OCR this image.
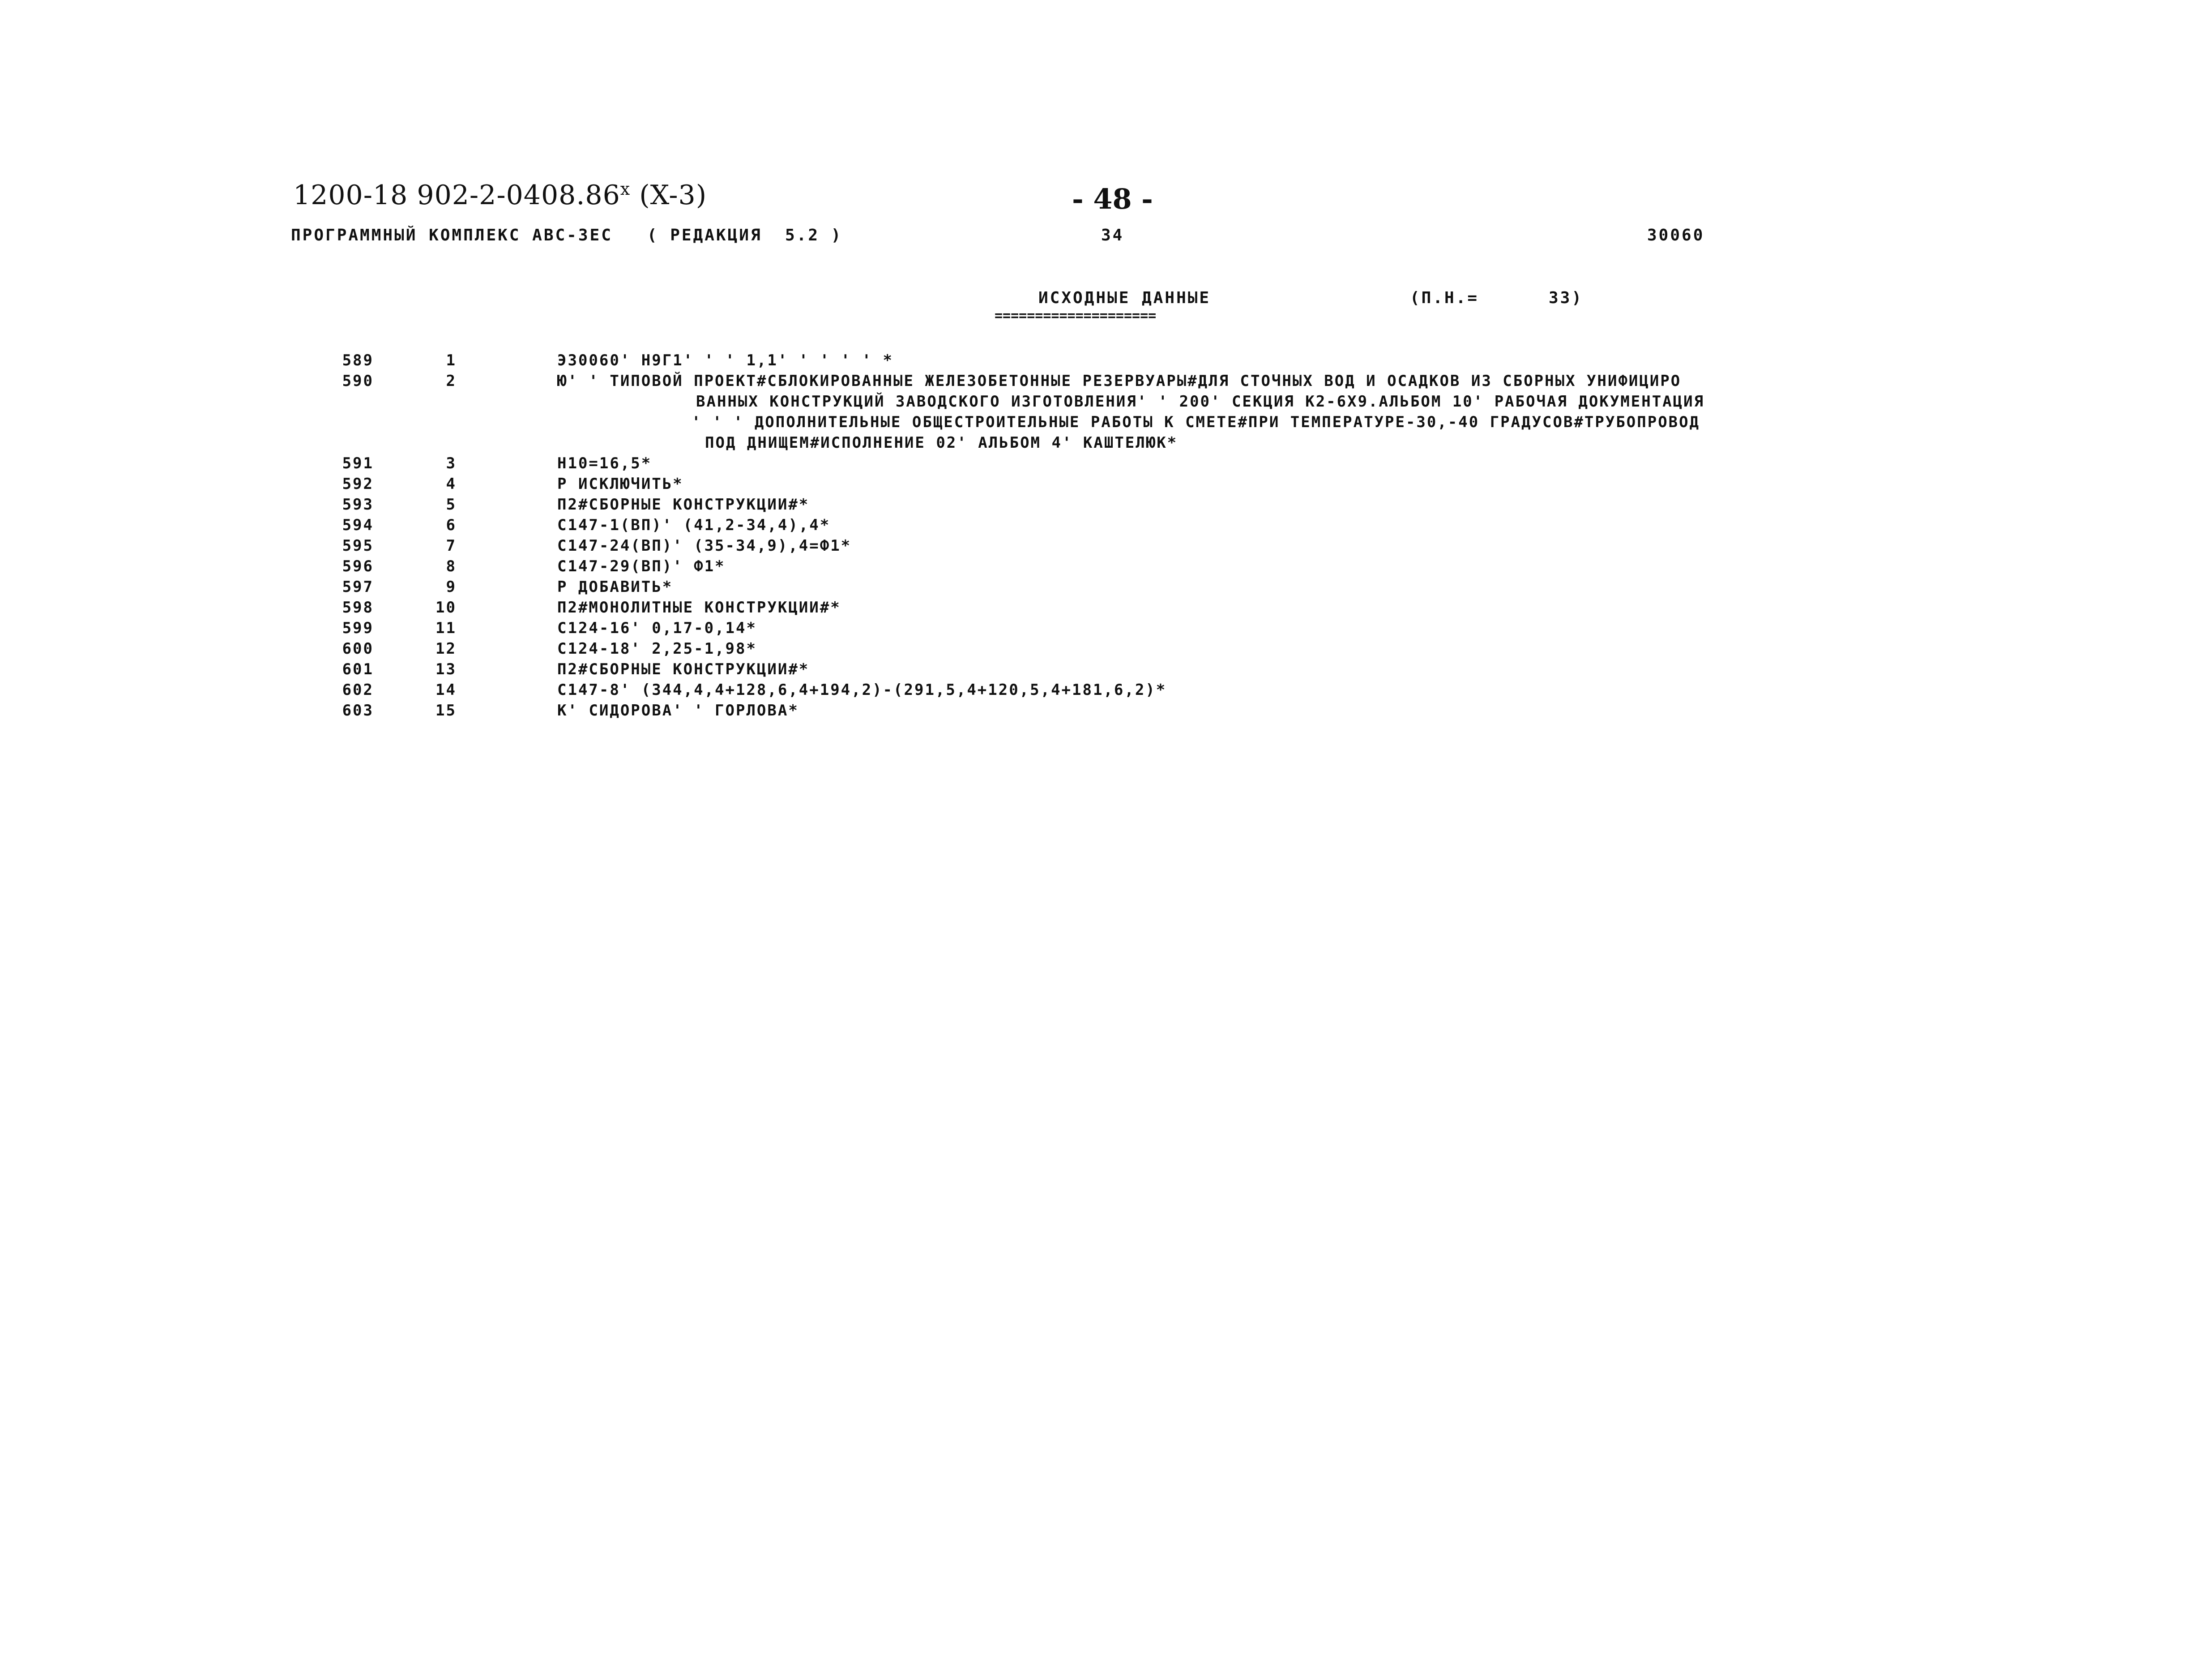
1200-18 902-2-0408.86$^x$ (X-3)	- 48 -
ПРОГРАММНЫЙ КОМПЛЕКС АВС-ЗЕС   ( РЕДАКЦИЯ  5.2 )	34	30060
ИСХОДНЫЕ ДАННЫЕ
====================
(П.Н.=	33)
589	1	Э30060' Н9Г1' ' ' 1,1' ' ' ' ' *
590	2	Ю' ' ТИПОВОЙ ПРОЕКТ#СБЛОКИРОВАННЫЕ ЖЕЛЕЗОБЕТОННЫЕ РЕЗЕРВУАРЫ#ДЛЯ СТОЧНЫХ ВОД И ОСАДКОВ ИЗ СБОРНЫХ УНИФИЦИРО
ВАННЫХ КОНСТРУКЦИЙ ЗАВОДСКОГО ИЗГОТОВЛЕНИЯ' ' 200' СЕКЦИЯ К2-6Х9.АЛЬБОМ 10' РАБОЧАЯ ДОКУМЕНТАЦИЯ
' ' ' ДОПОЛНИТЕЛЬНЫЕ ОБЩЕСТРОИТЕЛЬНЫЕ РАБОТЫ К СМЕТЕ#ПРИ ТЕМПЕРАТУРЕ-30,-40 ГРАДУСОВ#ТРУБОПРОВОД
ПОД ДНИЩЕМ#ИСПОЛНЕНИЕ 02' АЛЬБОМ 4' КАШТЕЛЮК*
591	3	Н10=16,5*
592	4	Р ИСКЛЮЧИТЬ*
593	5	П2#СБОРНЫЕ КОНСТРУКЦИИ#*
594	6	С147-1(ВП)' (41,2-34,4),4*
595	7	С147-24(ВП)' (35-34,9),4=Ф1*
596	8	С147-29(ВП)' Ф1*
597	9	Р ДОБАВИТЬ*
598	10	П2#МОНОЛИТНЫЕ КОНСТРУКЦИИ#*
599	11	С124-16' 0,17-0,14*
600	12	С124-18' 2,25-1,98*
601	13	П2#СБОРНЫЕ КОНСТРУКЦИИ#*
602	14	С147-8' (344,4,4+128,6,4+194,2)-(291,5,4+120,5,4+181,6,2)*
603	15	К' СИДОРОВА' ' ГОРЛОВА*
